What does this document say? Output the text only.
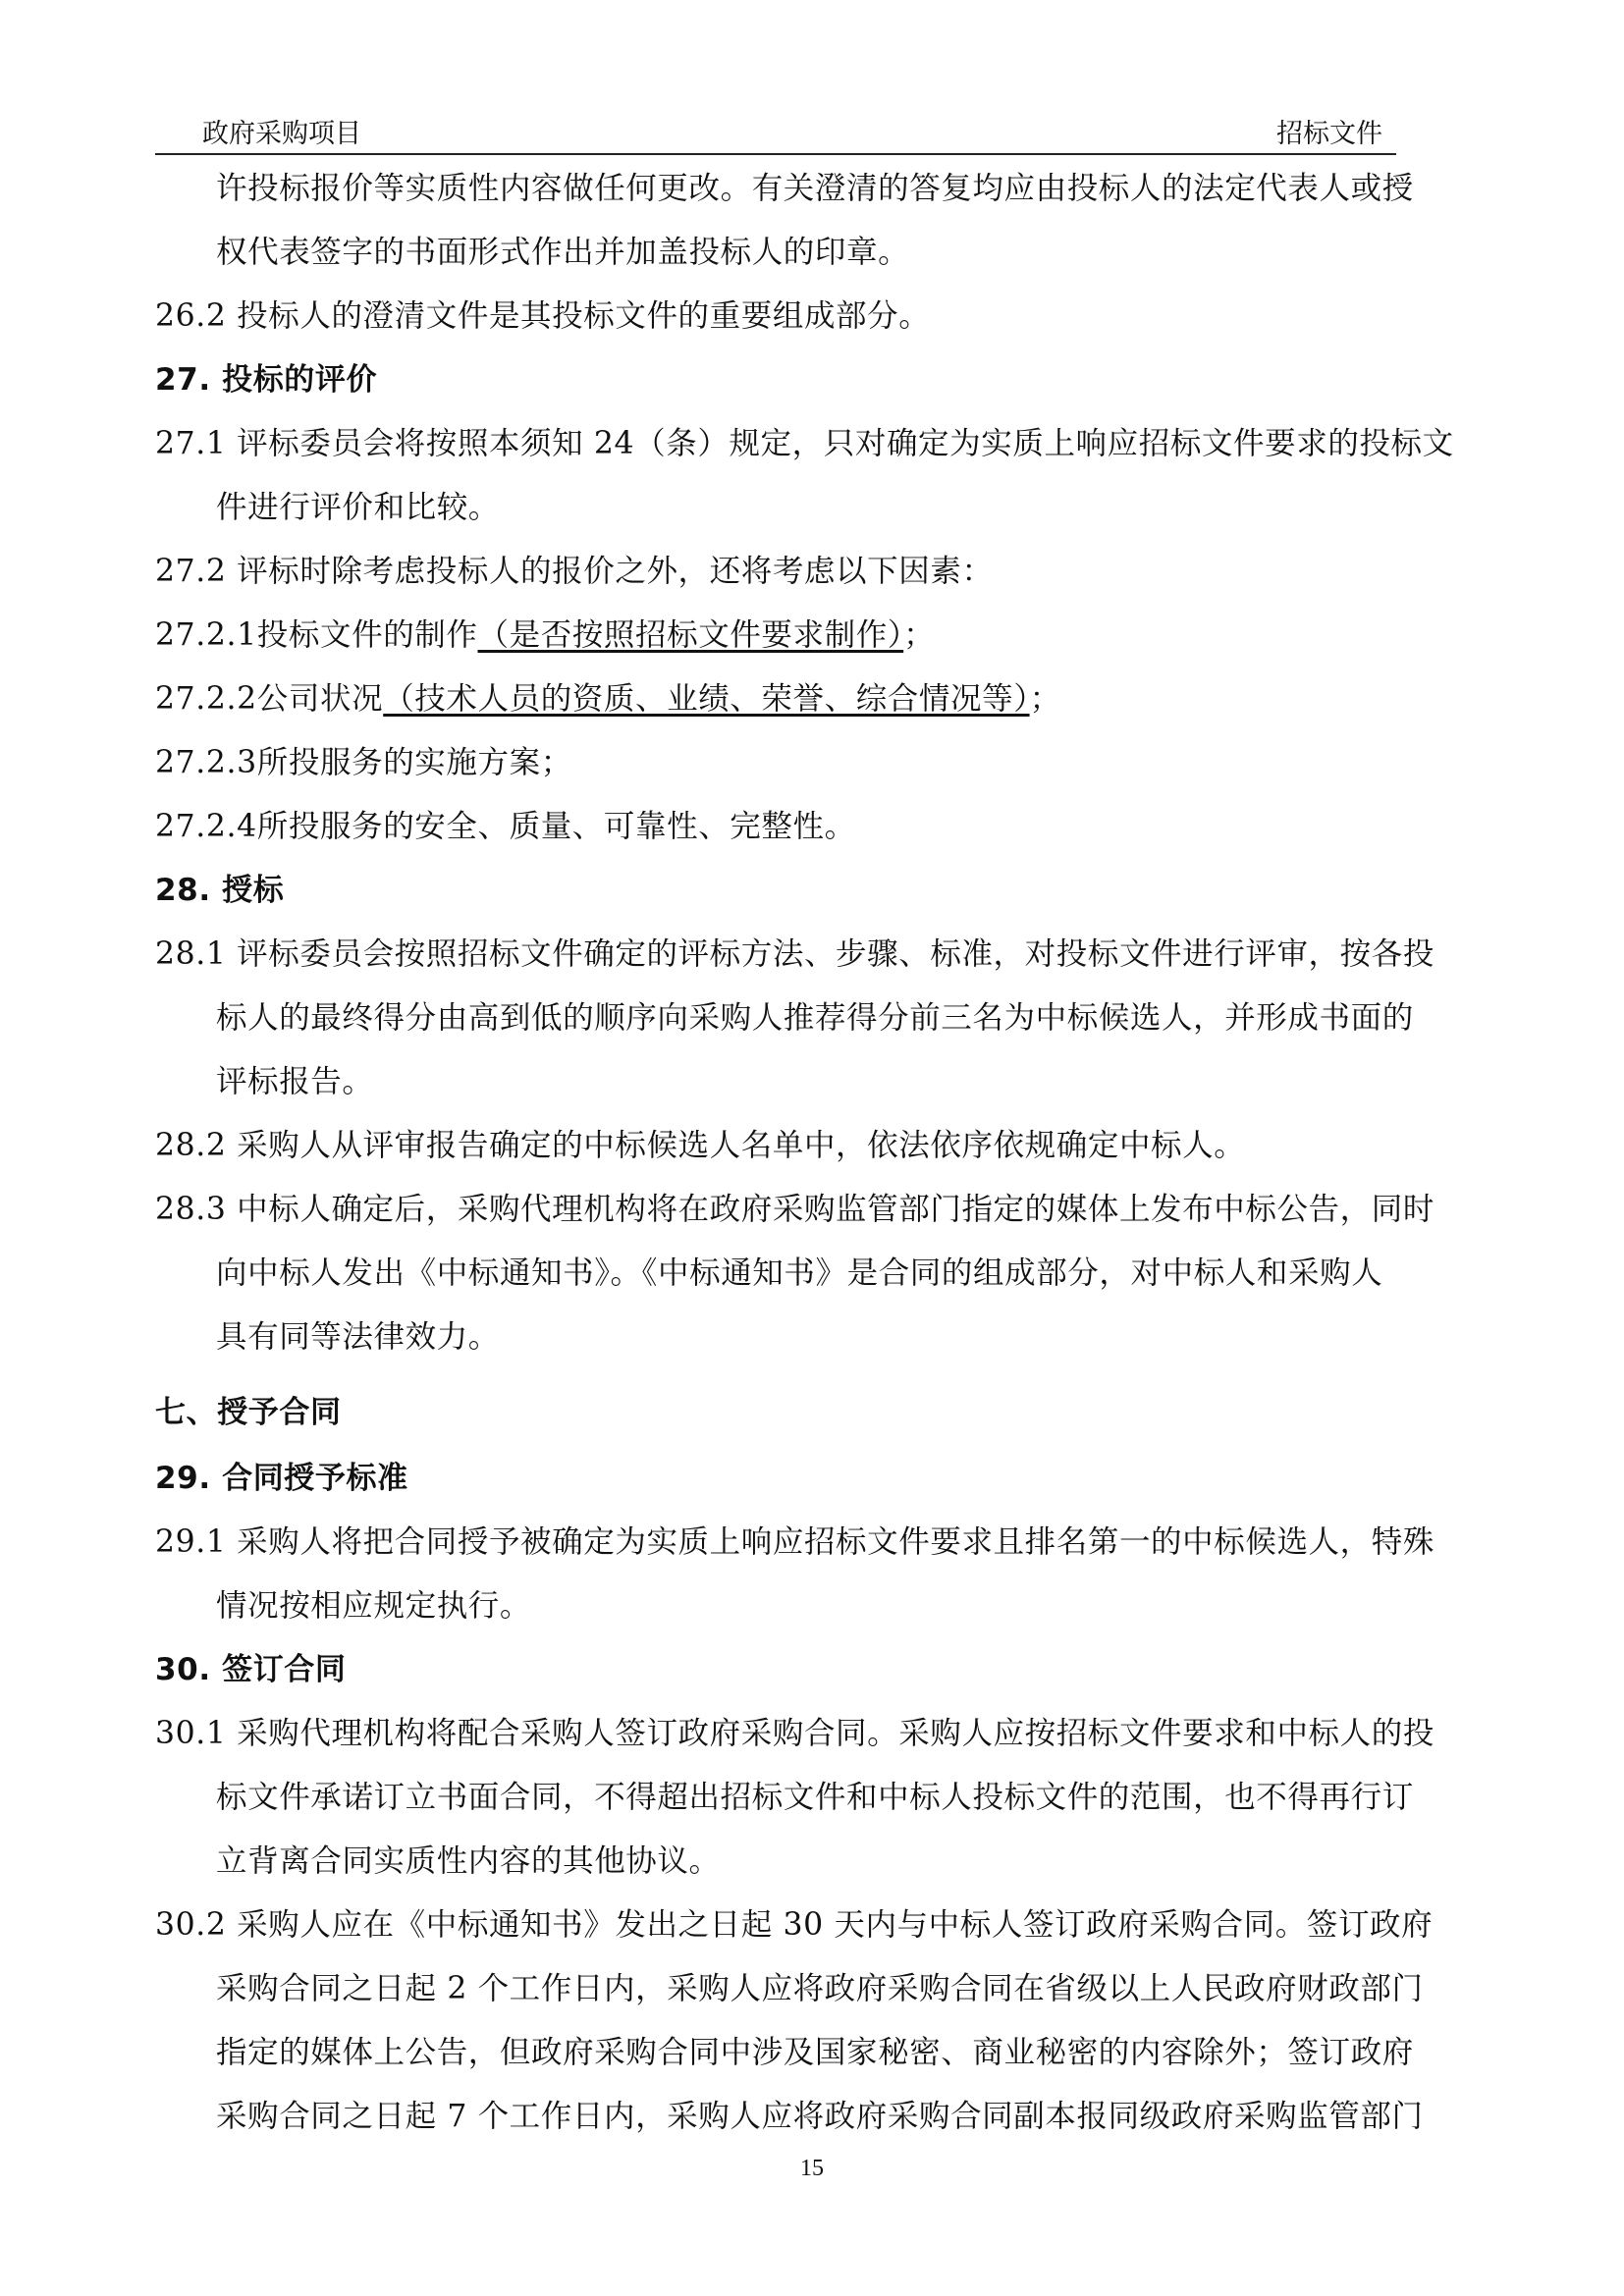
政府采购项目	招标文件
许投标报价等实质性内容做任何更改。有关澄清的答复均应由投标人的法定代表人或授
权代表签字的书面形式作出并加盖投标人的印章。
26.2 投标人的澄清文件是其投标文件的重要组成部分。
27. 投标的评价
27.1 评标委员会将按照本须知 24（条）规定，只对确定为实质上响应招标文件要求的投标文
件进行评价和比较。
27.2 评标时除考虑投标人的报价之外，还将考虑以下因素：
27.2.1投标文件的制作（是否按照招标文件要求制作）；
27.2.2公司状况（技术人员的资质、业绩、荣誉、综合情况等）；
27.2.3所投服务的实施方案；
27.2.4所投服务的安全、质量、可靠性、完整性。
28. 授标
28.1 评标委员会按照招标文件确定的评标方法、步骤、标准，对投标文件进行评审，按各投
标人的最终得分由高到低的顺序向采购人推荐得分前三名为中标候选人，并形成书面的
评标报告。
28.2 采购人从评审报告确定的中标候选人名单中，依法依序依规确定中标人。
28.3 中标人确定后，采购代理机构将在政府采购监管部门指定的媒体上发布中标公告，同时
向中标人发出《中标通知书》。《中标通知书》是合同的组成部分，对中标人和采购人
具有同等法律效力。
七、授予合同
29. 合同授予标准
29.1 采购人将把合同授予被确定为实质上响应招标文件要求且排名第一的中标候选人，特殊
情况按相应规定执行。
30. 签订合同
30.1 采购代理机构将配合采购人签订政府采购合同。采购人应按招标文件要求和中标人的投
标文件承诺订立书面合同，不得超出招标文件和中标人投标文件的范围，也不得再行订
立背离合同实质性内容的其他协议。
30.2 采购人应在《中标通知书》发出之日起 30 天内与中标人签订政府采购合同。签订政府
采购合同之日起 2 个工作日内，采购人应将政府采购合同在省级以上人民政府财政部门
指定的媒体上公告，但政府采购合同中涉及国家秘密、商业秘密的内容除外；签订政府
采购合同之日起 7 个工作日内，采购人应将政府采购合同副本报同级政府采购监管部门
15
